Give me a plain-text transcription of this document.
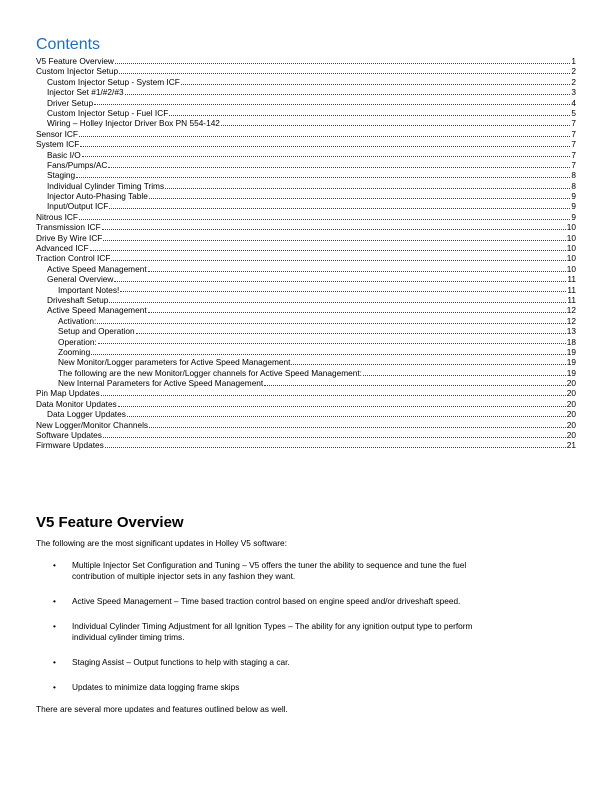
Contents
V5 Feature Overview	1
Custom Injector Setup	2
Custom Injector Setup - System ICF	2
Injector Set #1/#2/#3	3
Driver Setup	4
Custom Injector Setup - Fuel ICF	5
Wiring – Holley Injector Driver Box PN 554-142	7
Sensor ICF	7
System ICF	7
Basic I/O	7
Fans/Pumps/AC	7
Staging	8
Individual Cylinder Timing Trims	8
Injector Auto-Phasing Table	9
Input/Output ICF	9
Nitrous ICF	9
Transmission ICF	10
Drive By Wire ICF	10
Advanced ICF	10
Traction Control ICF	10
Active Speed Management	10
General Overview	11
Important Notes!	11
Driveshaft Setup	11
Active Speed Management	12
Activation:	12
Setup and Operation	13
Operation:	18
Zooming	19
New Monitor/Logger parameters for Active Speed Management	19
The following are the new Monitor/Logger channels for Active Speed Management:	19
New Internal Parameters for Active Speed Management	20
Pin Map Updates	20
Data Monitor Updates	20
Data Logger Updates	20
New Logger/Monitor Channels	20
Software Updates	20
Firmware Updates	21
V5 Feature Overview

The following are the most significant updates in Holley V5 software:

• Multiple Injector Set Configuration and Tuning – V5 offers the tuner the ability to sequence and tune the fuel
contribution of multiple injector sets in any fashion they want.
• Active Speed Management – Time based traction control based on engine speed and/or driveshaft speed.
• Individual Cylinder Timing Adjustment for all Ignition Types – The ability for any ignition output type to perform
individual cylinder timing trims.
• Staging Assist – Output functions to help with staging a car.
• Updates to minimize data logging frame skips

There are several more updates and features outlined below as well.
